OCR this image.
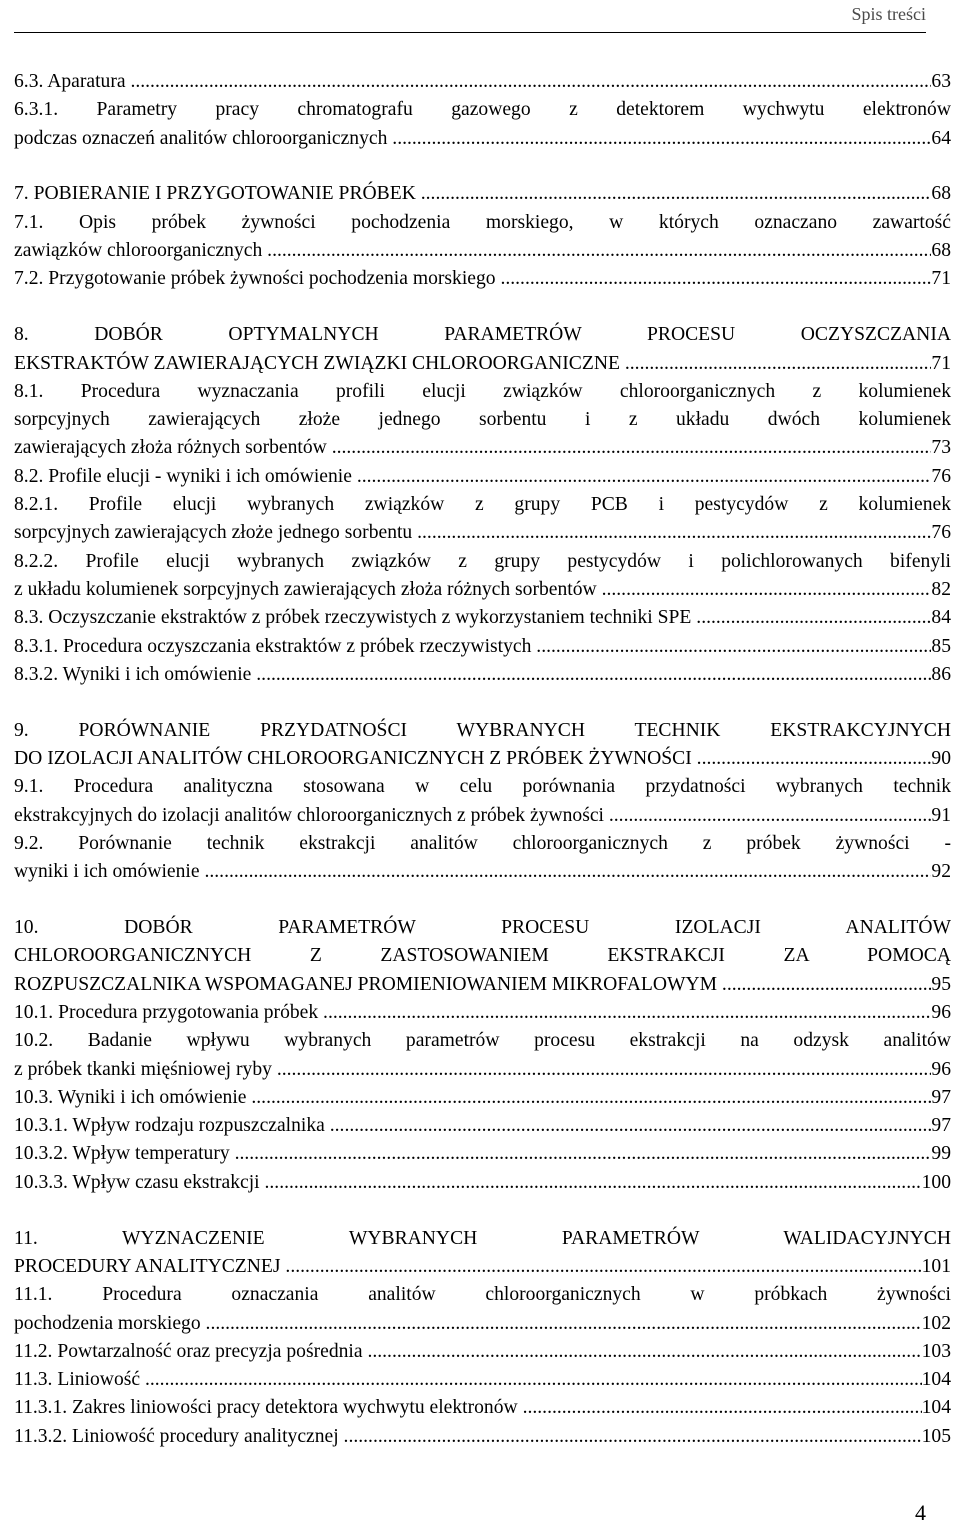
Spis treści
6.3. Aparatura .....	63
6.3.1. Parametry pracy chromatografu gazowego z detektorem wychwytu elektronów
podczas oznaczeń analitów chloroorganicznych .....	64
7. POBIERANIE I PRZYGOTOWANIE PRÓBEK .....	68
7.1. Opis próbek żywności pochodzenia morskiego, w których oznaczano zawartość
zawiązków chloroorganicznych .....	68
7.2. Przygotowanie próbek żywności pochodzenia morskiego .....	71
8. DOBÓR OPTYMALNYCH PARAMETRÓW PROCESU OCZYSZCZANIA
EKSTRAKTÓW ZAWIERAJĄCYCH ZWIĄZKI CHLOROORGANICZNE .....	71
8.1. Procedura wyznaczania profili elucji związków chloroorganicznych z kolumienek
sorpcyjnych zawierających złoże jednego sorbentu i z układu dwóch kolumienek
zawierających złoża różnych sorbentów .....	73
8.2. Profile elucji - wyniki i ich omówienie .....	76
8.2.1. Profile elucji wybranych związków z grupy PCB i pestycydów z kolumienek
sorpcyjnych zawierających złoże jednego sorbentu .....	76
8.2.2. Profile elucji wybranych związków z grupy pestycydów i polichlorowanych bifenyli
z układu kolumienek sorpcyjnych zawierających złoża różnych sorbentów .....	82
8.3. Oczyszczanie ekstraktów z próbek rzeczywistych z wykorzystaniem techniki SPE .....	84
8.3.1. Procedura oczyszczania ekstraktów z próbek rzeczywistych .....	85
8.3.2. Wyniki i ich omówienie .....	86
9. PORÓWNANIE PRZYDATNOŚCI WYBRANYCH TECHNIK EKSTRAKCYJNYCH
DO IZOLACJI ANALITÓW CHLOROORGANICZNYCH Z PRÓBEK ŻYWNOŚCI .....	90
9.1. Procedura analityczna stosowana w celu porównania przydatności wybranych technik
ekstrakcyjnych do izolacji analitów chloroorganicznych z próbek żywności .....	91
9.2. Porównanie technik ekstrakcji analitów chloroorganicznych z próbek żywności -
wyniki i ich omówienie .....	92
10. DOBÓR PARAMETRÓW PROCESU IZOLACJI ANALITÓW
CHLOROORGANICZNYCH Z ZASTOSOWANIEM EKSTRAKCJI ZA POMOCĄ
ROZPUSZCZALNIKA WSPOMAGANEJ PROMIENIOWANIEM MIKROFALOWYM .....	95
10.1. Procedura przygotowania próbek .....	96
10.2. Badanie wpływu wybranych parametrów procesu ekstrakcji na odzysk analitów
z próbek tkanki mięśniowej ryby .....	96
10.3. Wyniki i ich omówienie .....	97
10.3.1. Wpływ rodzaju rozpuszczalnika .....	97
10.3.2. Wpływ temperatury .....	99
10.3.3. Wpływ czasu ekstrakcji .....	100
11. WYZNACZENIE WYBRANYCH PARAMETRÓW WALIDACYJNYCH
PROCEDURY ANALITYCZNEJ .....	101
11.1. Procedura oznaczania analitów chloroorganicznych w próbkach żywności
pochodzenia morskiego .....	102
11.2. Powtarzalność oraz precyzja pośrednia .....	103
11.3. Liniowość .....	104
11.3.1. Zakres liniowości pracy detektora wychwytu elektronów .....	104
11.3.2. Liniowość procedury analitycznej .....	105
4
